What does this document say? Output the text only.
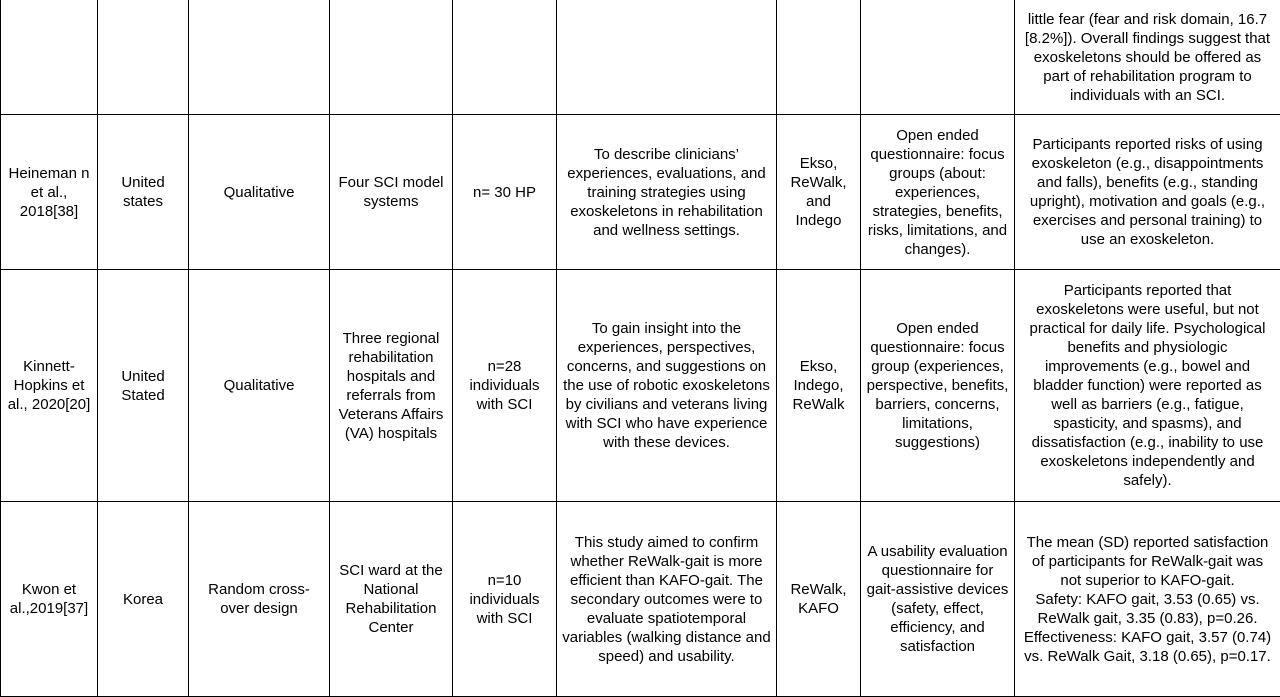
								little fear (fear and risk domain, 16.7 [8.2%]). Overall findings suggest that exoskeletons should be offered as part of rehabilitation program to individuals with an SCI.
Heineman n et al., 2018[38]	United states	Qualitative	Four SCI model systems	n= 30 HP	To describe clinicians’ experiences, evaluations, and training strategies using exoskeletons in rehabilitation and wellness settings.	Ekso, ReWalk, and Indego	Open ended questionnaire: focus groups (about: experiences, strategies, benefits, risks, limitations, and changes).	Participants reported risks of using exoskeleton (e.g., disappointments and falls), benefits (e.g., standing upright), motivation and goals (e.g., exercises and personal training) to use an exoskeleton.
Kinnett-Hopkins et al., 2020[20]	United Stated	Qualitative	Three regional rehabilitation hospitals and referrals from Veterans Affairs (VA) hospitals	n=28 individuals with SCI	To gain insight into the experiences, perspectives, concerns, and suggestions on the use of robotic exoskeletons by civilians and veterans living with SCI who have experience with these devices.	Ekso, Indego, ReWalk	Open ended questionnaire: focus group (experiences, perspective, benefits, barriers, concerns, limitations, suggestions)	Participants reported that exoskeletons were useful, but not practical for daily life. Psychological benefits and physiologic improvements (e.g., bowel and bladder function) were reported as well as barriers (e.g., fatigue, spasticity, and spasms), and dissatisfaction (e.g., inability to use exoskeletons independently and safely).
Kwon et al.,2019[37]	Korea	Random cross-over design	SCI ward at the National Rehabilitation Center	n=10 individuals with SCI	This study aimed to confirm whether ReWalk-gait is more efficient than KAFO-gait. The secondary outcomes were to evaluate spatiotemporal variables (walking distance and speed) and usability.	ReWalk, KAFO	A usability evaluation questionnaire for gait-assistive devices (safety, effect, efficiency, and satisfaction	The mean (SD) reported satisfaction of participants for ReWalk-gait was not superior to KAFO-gait.
Safety: KAFO gait, 3.53 (0.65) vs. ReWalk gait, 3.35 (0.83), p=0.26.
Effectiveness: KAFO gait, 3.57 (0.74) vs. ReWalk Gait, 3.18 (0.65), p=0.17.
